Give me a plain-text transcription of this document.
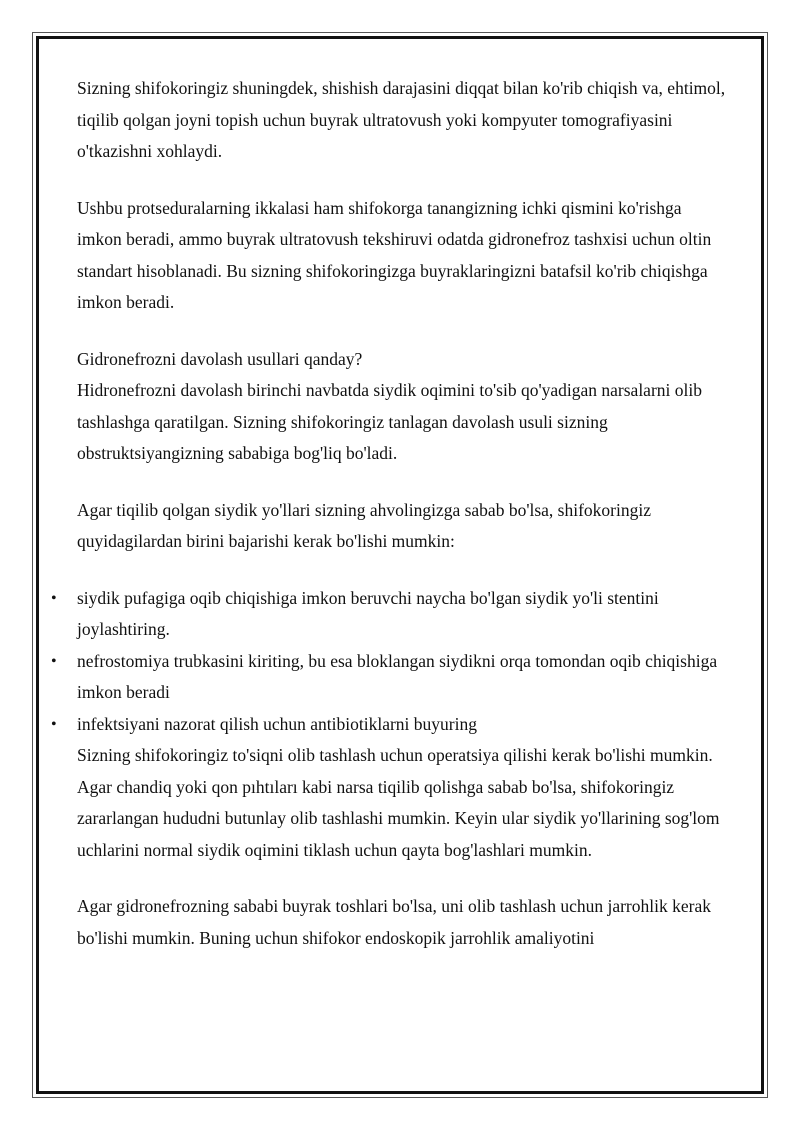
Sizning shifokoringiz shuningdek, shishish darajasini diqqat bilan ko'rib chiqish va, ehtimol, tiqilib qolgan joyni topish uchun buyrak ultratovush yoki kompyuter tomografiyasini o'tkazishni xohlaydi.

Ushbu protseduralarning ikkalasi ham shifokorga tanangizning ichki qismini ko'rishga imkon beradi, ammo buyrak ultratovush tekshiruvi odatda gidronefroz tashxisi uchun oltin standart hisoblanadi. Bu sizning shifokoringizga buyraklaringizni batafsil ko'rib chiqishga imkon beradi.

Gidronefrozni davolash usullari qanday?
Hidronefrozni davolash birinchi navbatda siydik oqimini to'sib qo'yadigan narsalarni olib tashlashga qaratilgan. Sizning shifokoringiz tanlagan davolash usuli sizning obstruktsiyangizning sababiga bog'liq bo'ladi.

Agar tiqilib qolgan siydik yo'llari sizning ahvolingizga sabab bo'lsa, shifokoringiz quyidagilardan birini bajarishi kerak bo'lishi mumkin:

• siydik pufagiga oqib chiqishiga imkon beruvchi naycha bo'lgan siydik yo'li stentini joylashtiring.
• nefrostomiya trubkasini kiriting, bu esa bloklangan siydikni orqa tomondan oqib chiqishiga imkon beradi
• infektsiyani nazorat qilish uchun antibiotiklarni buyuring

Sizning shifokoringiz to'siqni olib tashlash uchun operatsiya qilishi kerak bo'lishi mumkin. Agar chandiq yoki qon pıhtıları kabi narsa tiqilib qolishga sabab bo'lsa, shifokoringiz zararlangan hududni butunlay olib tashlashi mumkin. Keyin ular siydik yo'llarining sog'lom uchlarini normal siydik oqimini tiklash uchun qayta bog'lashlari mumkin.

Agar gidronefrozning sababi buyrak toshlari bo'lsa, uni olib tashlash uchun jarrohlik kerak bo'lishi mumkin. Buning uchun shifokor endoskopik jarrohlik amaliyotini
